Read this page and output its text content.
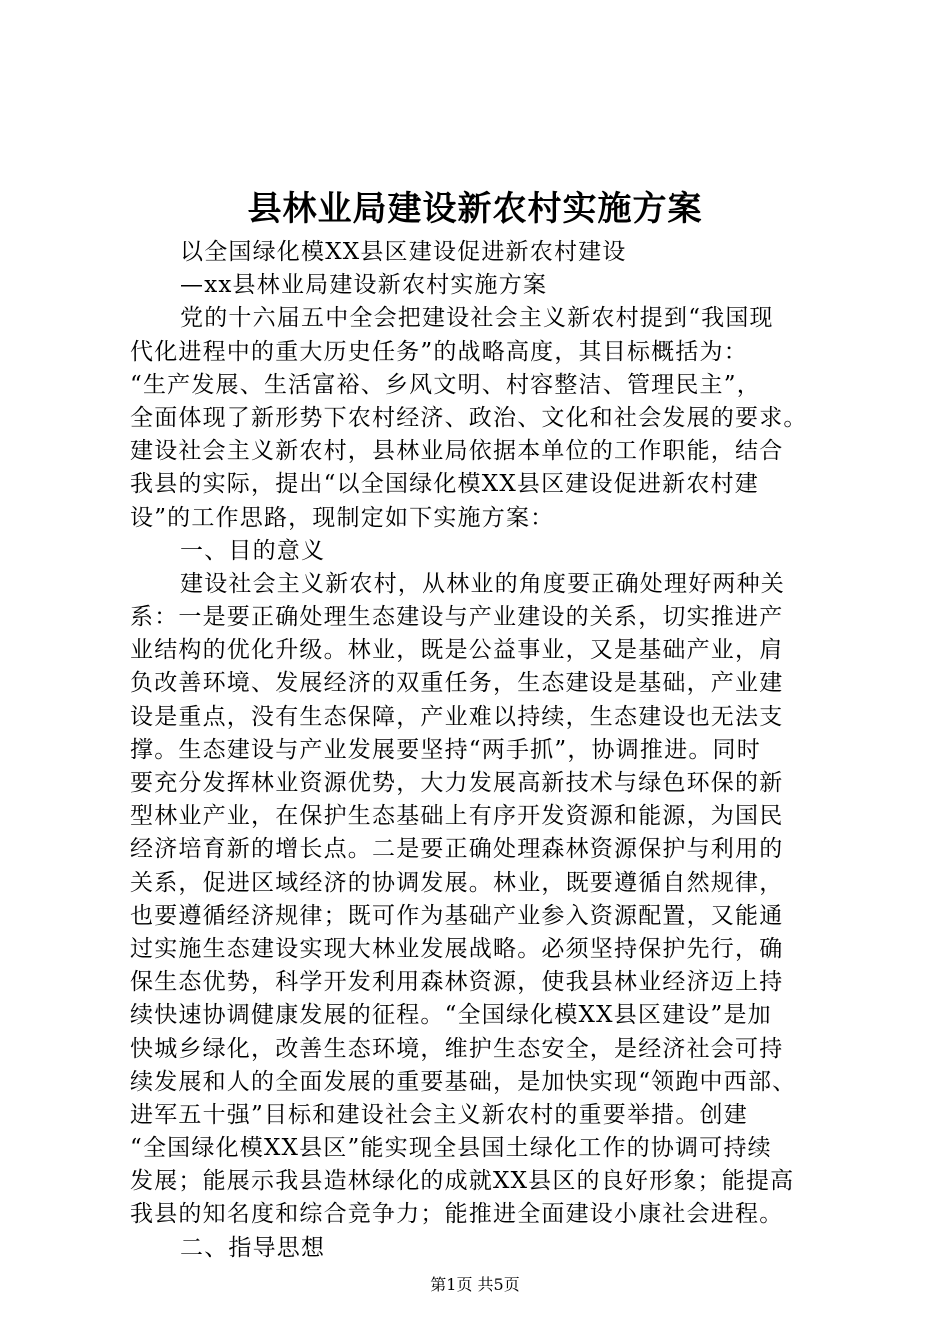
县林业局建设新农村实施方案
以全国绿化模XX县区建设促进新农村建设
—xx县林业局建设新农村实施方案
党的十六届五中全会把建设社会主义新农村提到“我国现
代化进程中的重大历史任务”的战略高度，其目标概括为：
“生产发展、生活富裕、乡风文明、村容整洁、管理民主”，
全面体现了新形势下农村经济、政治、文化和社会发展的要求。
建设社会主义新农村，县林业局依据本单位的工作职能，结合
我县的实际，提出“以全国绿化模XX县区建设促进新农村建
设”的工作思路，现制定如下实施方案：
一、目的意义
建设社会主义新农村，从林业的角度要正确处理好两种关
系：一是要正确处理生态建设与产业建设的关系，切实推进产
业结构的优化升级。林业，既是公益事业，又是基础产业，肩
负改善环境、发展经济的双重任务，生态建设是基础，产业建
设是重点，没有生态保障，产业难以持续，生态建设也无法支
撑。生态建设与产业发展要坚持“两手抓”，协调推进。同时
要充分发挥林业资源优势，大力发展高新技术与绿色环保的新
型林业产业，在保护生态基础上有序开发资源和能源，为国民
经济培育新的增长点。二是要正确处理森林资源保护与利用的
关系，促进区域经济的协调发展。林业，既要遵循自然规律，
也要遵循经济规律；既可作为基础产业参入资源配置，又能通
过实施生态建设实现大林业发展战略。必须坚持保护先行，确
保生态优势，科学开发利用森林资源，使我县林业经济迈上持
续快速协调健康发展的征程。“全国绿化模XX县区建设”是加
快城乡绿化，改善生态环境，维护生态安全，是经济社会可持
续发展和人的全面发展的重要基础，是加快实现“领跑中西部、
进军五十强”目标和建设社会主义新农村的重要举措。创建
“全国绿化模XX县区”能实现全县国土绿化工作的协调可持续
发展；能展示我县造林绿化的成就XX县区的良好形象；能提高
我县的知名度和综合竞争力；能推进全面建设小康社会进程。
二、指导思想
第1页 共5页
